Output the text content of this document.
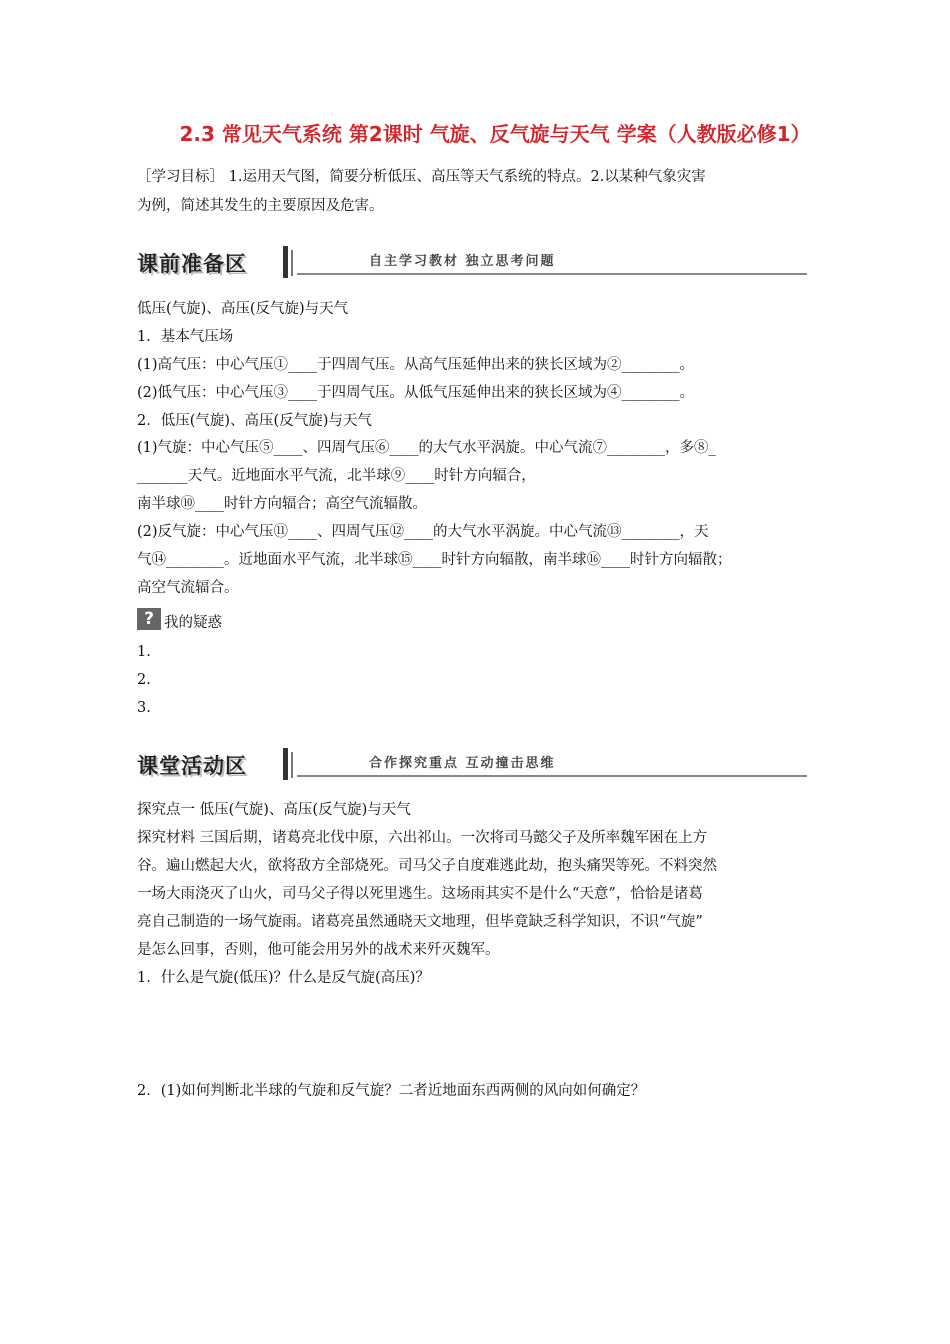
2.3 常见天气系统 第2课时 气旋、反气旋与天气 学案（人教版必修1）
［学习目标］ 1.运用天气图，简要分析低压、高压等天气系统的特点。2.以某种气象灾害
为例，简述其发生的主要原因及危害。
课前准备区	自主学习教材 独立思考问题
低压(气旋)、高压(反气旋)与天气
1．基本气压场
(1)高气压：中心气压①____于四周气压。从高气压延伸出来的狭长区域为②________。
(2)低气压：中心气压③____于四周气压。从低气压延伸出来的狭长区域为④________。
2．低压(气旋)、高压(反气旋)与天气
(1)气旋：中心气压⑤____、四周气压⑥____的大气水平涡旋。中心气流⑦________，多⑧_
_______天气。近地面水平气流，北半球⑨____时针方向辐合，
南半球⑩____时针方向辐合；高空气流辐散。
(2)反气旋：中心气压⑪____、四周气压⑫____的大气水平涡旋。中心气流⑬________，天
气⑭________。近地面水平气流，北半球⑮____时针方向辐散，南半球⑯____时针方向辐散；
高空气流辐合。
? 我的疑惑
1.
2.
3.
课堂活动区	合作探究重点 互动撞击思维
探究点一 低压(气旋)、高压(反气旋)与天气
探究材料 三国后期，诸葛亮北伐中原，六出祁山。一次将司马懿父子及所率魏军困在上方
谷。遍山燃起大火，欲将敌方全部烧死。司马父子自度难逃此劫，抱头痛哭等死。不料突然
一场大雨浇灭了山火，司马父子得以死里逃生。这场雨其实不是什么“天意”，恰恰是诸葛
亮自己制造的一场气旋雨。诸葛亮虽然通晓天文地理，但毕竟缺乏科学知识，不识“气旋”
是怎么回事，否则，他可能会用另外的战术来歼灭魏军。
1．什么是气旋(低压)？什么是反气旋(高压)？
2．(1)如何判断北半球的气旋和反气旋？二者近地面东西两侧的风向如何确定？
